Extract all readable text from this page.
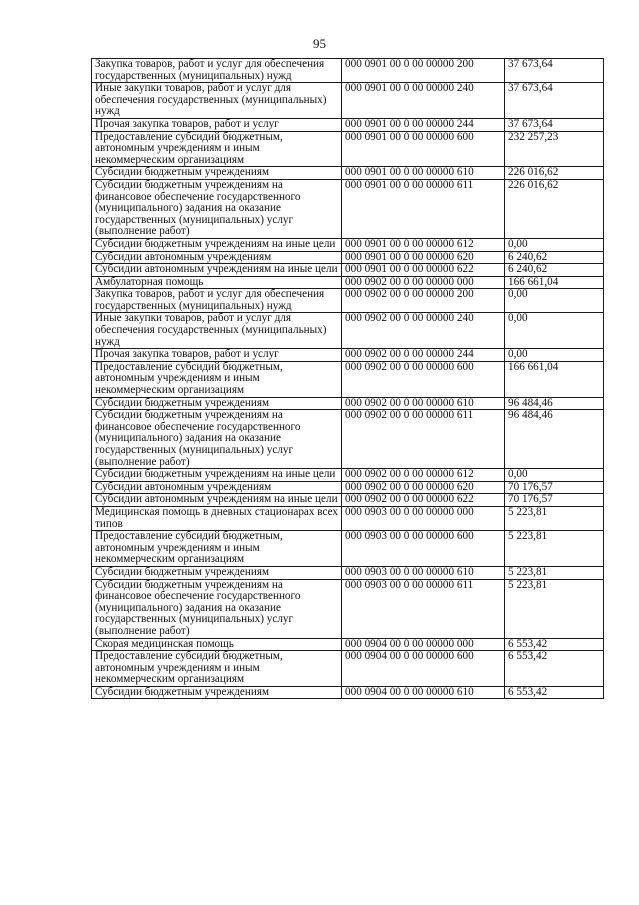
95
Закупка товаров, работ и услуг для обеспечения государственных (муниципальных) нужд	000 0901 00 0 00 00000 200	37 673,64
Иные закупки товаров, работ и услуг для обеспечения государственных (муниципальных) нужд	000 0901 00 0 00 00000 240	37 673,64
Прочая закупка товаров, работ и услуг	000 0901 00 0 00 00000 244	37 673,64
Предоставление субсидий бюджетным, автономным учреждениям и иным некоммерческим организациям	000 0901 00 0 00 00000 600	232 257,23
Субсидии бюджетным учреждениям	000 0901 00 0 00 00000 610	226 016,62
Субсидии бюджетным учреждениям на финансовое обеспечение государственного (муниципального) задания на оказание государственных (муниципальных) услуг (выполнение работ)	000 0901 00 0 00 00000 611	226 016,62
Субсидии бюджетным учреждениям на иные цели	000 0901 00 0 00 00000 612	0,00
Субсидии автономным учреждениям	000 0901 00 0 00 00000 620	6 240,62
Субсидии автономным учреждениям на иные цели	000 0901 00 0 00 00000 622	6 240,62
Амбулаторная помощь	000 0902 00 0 00 00000 000	166 661,04
Закупка товаров, работ и услуг для обеспечения государственных (муниципальных) нужд	000 0902 00 0 00 00000 200	0,00
Иные закупки товаров, работ и услуг для обеспечения государственных (муниципальных) нужд	000 0902 00 0 00 00000 240	0,00
Прочая закупка товаров, работ и услуг	000 0902 00 0 00 00000 244	0,00
Предоставление субсидий бюджетным, автономным учреждениям и иным некоммерческим организациям	000 0902 00 0 00 00000 600	166 661,04
Субсидии бюджетным учреждениям	000 0902 00 0 00 00000 610	96 484,46
Субсидии бюджетным учреждениям на финансовое обеспечение государственного (муниципального) задания на оказание государственных (муниципальных) услуг (выполнение работ)	000 0902 00 0 00 00000 611	96 484,46
Субсидии бюджетным учреждениям на иные цели	000 0902 00 0 00 00000 612	0,00
Субсидии автономным учреждениям	000 0902 00 0 00 00000 620	70 176,57
Субсидии автономным учреждениям на иные цели	000 0902 00 0 00 00000 622	70 176,57
Медицинская помощь в дневных стационарах всех типов	000 0903 00 0 00 00000 000	5 223,81
Предоставление субсидий бюджетным, автономным учреждениям и иным некоммерческим организациям	000 0903 00 0 00 00000 600	5 223,81
Субсидии бюджетным учреждениям	000 0903 00 0 00 00000 610	5 223,81
Субсидии бюджетным учреждениям на финансовое обеспечение государственного (муниципального) задания на оказание государственных (муниципальных) услуг (выполнение работ)	000 0903 00 0 00 00000 611	5 223,81
Скорая медицинская помощь	000 0904 00 0 00 00000 000	6 553,42
Предоставление субсидий бюджетным, автономным учреждениям и иным некоммерческим организациям	000 0904 00 0 00 00000 600	6 553,42
Субсидии бюджетным учреждениям	000 0904 00 0 00 00000 610	6 553,42
